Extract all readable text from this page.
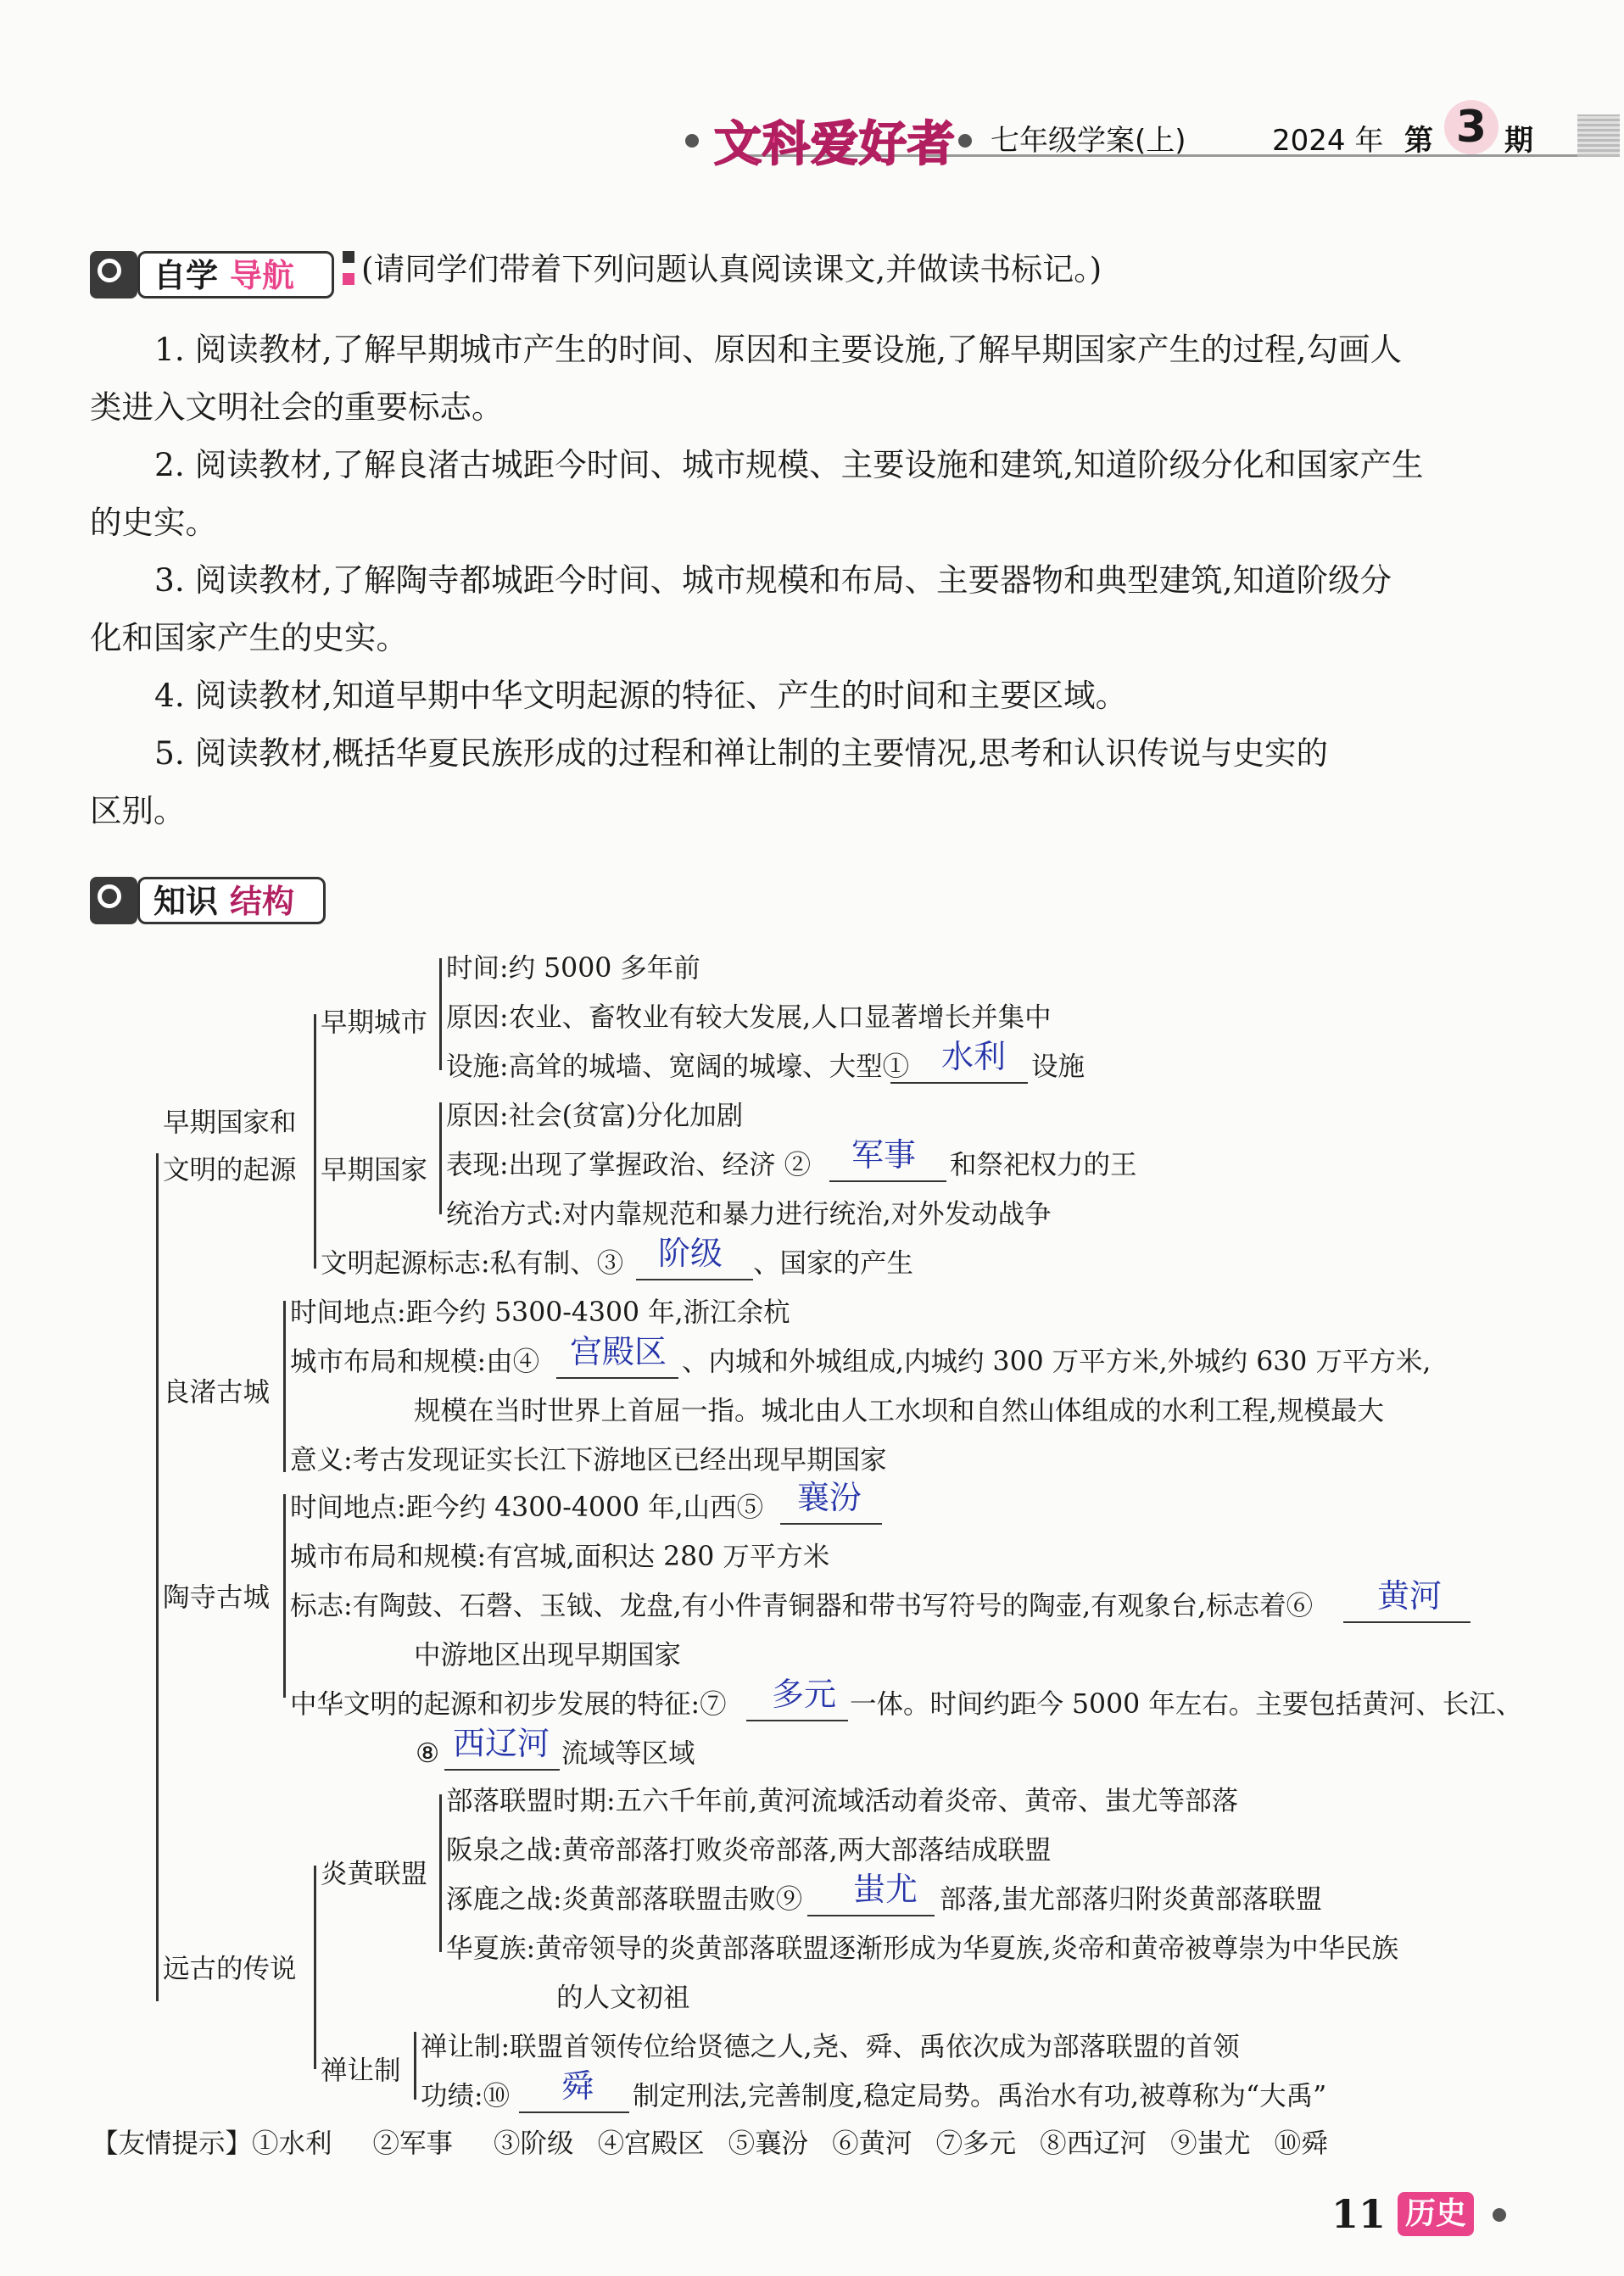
文科爱好者 七年级学案(上)	2024 年 第 3 期
自学 导航	(请同学们带着下列问题认真阅读课文,并做读书标记。)
1. 阅读教材,了解早期城市产生的时间、原因和主要设施,了解早期国家产生的过程,勾画人
类进入文明社会的重要标志。
2. 阅读教材,了解良渚古城距今时间、城市规模、主要设施和建筑,知道阶级分化和国家产生
的史实。
3. 阅读教材,了解陶寺都城距今时间、城市规模和布局、主要器物和典型建筑,知道阶级分
化和国家产生的史实。
4. 阅读教材,知道早期中华文明起源的特征、产生的时间和主要区域。
5. 阅读教材,概括华夏民族形成的过程和禅让制的主要情况,思考和认识传说与史实的
区别。
知识 结构
早期国家和
文明的起源
早期城市
时间:约 5000 多年前
原因:农业、畜牧业有较大发展,人口显著增长并集中
设施:高耸的城墙、宽阔的城壕、大型① 水利 设施
早期国家
原因:社会(贫富)分化加剧
表现:出现了掌握政治、经济 ② 军事 和祭祀权力的王
统治方式:对内靠规范和暴力进行统治,对外发动战争
文明起源标志:私有制、③ 阶级 、国家的产生
良渚古城
时间地点:距今约 5300-4300 年,浙江余杭
城市布局和规模:由④ 宫殿区 、内城和外城组成,内城约 300 万平方米,外城约 630 万平方米,
规模在当时世界上首屈一指。城北由人工水坝和自然山体组成的水利工程,规模最大
意义:考古发现证实长江下游地区已经出现早期国家
陶寺古城
时间地点:距今约 4300-4000 年,山西⑤ 襄汾
城市布局和规模:有宫城,面积达 280 万平方米
标志:有陶鼓、石磬、玉钺、龙盘,有小件青铜器和带书写符号的陶壶,有观象台,标志着⑥ 黄河
中游地区出现早期国家
中华文明的起源和初步发展的特征:⑦ 多元 一体。时间约距今 5000 年左右。主要包括黄河、长江、
⑧ 西辽河 流域等区域
远古的传说
炎黄联盟
部落联盟时期:五六千年前,黄河流域活动着炎帝、黄帝、蚩尤等部落
阪泉之战:黄帝部落打败炎帝部落,两大部落结成联盟
涿鹿之战:炎黄部落联盟击败⑨ 蚩尤 部落,蚩尤部落归附炎黄部落联盟
华夏族:黄帝领导的炎黄部落联盟逐渐形成为华夏族,炎帝和黄帝被尊崇为中华民族
的人文初祖
禅让制
禅让制:联盟首领传位给贤德之人,尧、舜、禹依次成为部落联盟的首领
功绩:⑩ 舜 制定刑法,完善制度,稳定局势。禹治水有功,被尊称为“大禹”
【友情提示】①水利 ②军事 ③阶级 ④宫殿区 ⑤襄汾 ⑥黄河 ⑦多元 ⑧西辽河 ⑨蚩尤 ⑩舜
11 历史
